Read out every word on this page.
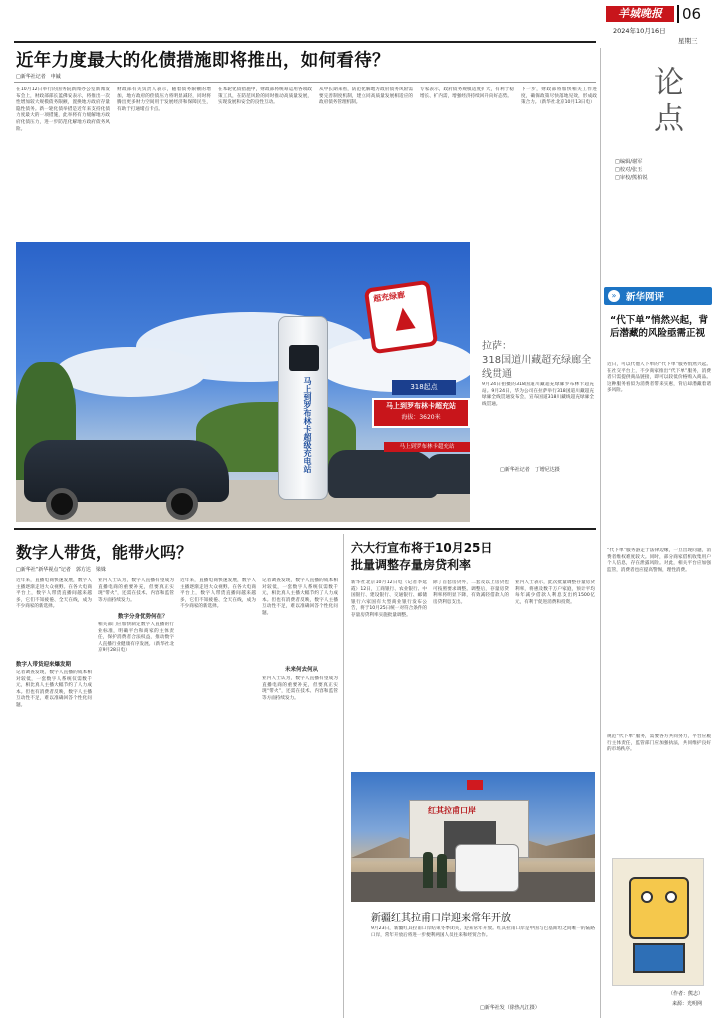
羊城晚报	06
2024年10月16日
星期三
论点
□编辑/谢军
□校对/张玉
□审校/熊柏锐
近年力度最大的化债措施即将推出，如何看待？
□新华社记者　申铖
在10月12日举行的国务院新闻办公室新闻发布会上，财政部部长蓝佛安表示，将推出一次性增加较大规模债务限额，置换地方政府存量隐性债务。新一轮化债举措是近年来支持化债力度最大的一项措施，此举将有力缓解地方政府化债压力，进一步防范化解地方政府债务风险。
财政部有关负责人表示，随着债务限额的增加，地方政府的偿债压力将明显减轻，同时将腾出更多财力空间用于发展经济和保障民生，有助于打通堵点卡点。
在本轮化债措施中，财政部将统筹运用各项政策工具，在防范风险的同时推动高质量发展，实现发展和安全的良性互动。
从中长期来看，防范化解地方政府债务风险需要完善制度机制，建立同高质量发展相适应的政府债务管理机制。
专家表示，政府债务规模适度扩大，有利于稳增长、扩内需，增强经济持续回升向好态势。
下一步，财政部将加快相关工作进度，确保政策尽快落地见效，形成政策合力。（新华社北京10月13日电）
马上到罗布林卡超级充电站
超充绿廊
318起点
马上到罗布林卡超充站
海拔：3620米
马上到罗布林卡超充站
拉萨：
318国道川藏超充绿廊全线贯通
9月24日拍摄的318国道川藏超充绿廊罗布林卡超充站。9月24日，华为公司在拉萨举行318国道川藏超充绿廊全线贯通发布会，宣布国道318川藏线超充绿廊全线贯通。
□新华社记者　丁增尼达摄
»	新华网评
“代下单”悄然兴起，背后潜藏的风险亟需正视
近日，可以代他人下单的“代下单”服务悄然兴起。在社交平台上，不少商家推出“代下单”服务，消费者只需提供商品链接，即可以较低价格购入商品。这种服务看似为消费者带来实惠，背后却潜藏着诸多风险。
“代下单”服务游走于法律边缘，一旦出现问题，消费者维权难度较大。同时，部分商家借机收集用户个人信息，存在泄露风险。对此，相关平台应加强监管，消费者也应提高警惕，理性消费。
规范“代下单”服务，需要各方共同努力，平台应履行主体责任，监管部门应加强执法，共同维护良好的市场秩序。
（作者：熊志）
来源：光明网
数字人带货，能带火吗？
□新华社“新华视点”记者　郭方达　梁姝
近年来，直播电商快速发展，数字人主播逐渐走进大众视野。在各大电商平台上，数字人带货直播间越来越多，它们不知疲倦、全天在线，成为不少商家的新选择。
数字人带货迎来爆发期
记者调查发现，数字人直播的成本相对较低，一套数字人系统仅需数千元，相比真人主播大幅节约了人力成本。但也有消费者反映，数字人主播互动性不足，难以准确回答个性化问题。
业内人士认为，数字人直播有望成为直播电商的重要补充，但要真正实现“带火”，还需在技术、内容和监管等方面持续发力。
数字分身优势何在？
相关部门应加快制定数字人直播的行业标准，明确平台和商家的主体责任，保护消费者合法权益，推动数字人直播行业健康有序发展。（新华社北京9月28日电）
近年来，直播电商快速发展，数字人主播逐渐走进大众视野。在各大电商平台上，数字人带货直播间越来越多，它们不知疲倦、全天在线，成为不少商家的新选择。
未来何去何从
记者调查发现，数字人直播的成本相对较低，一套数字人系统仅需数千元，相比真人主播大幅节约了人力成本。但也有消费者反映，数字人主播互动性不足，难以准确回答个性化问题。
业内人士认为，数字人直播有望成为直播电商的重要补充，但要真正实现“带火”，还需在技术、内容和监管等方面持续发力。
六大行宣布将于10月25日
批量调整存量房贷利率
新华社北京10月12日电（记者李延霞）12日，工商银行、农业银行、中国银行、建设银行、交通银行、邮储银行六家国有大型商业银行发布公告，将于10月25日统一对符合条件的存量房贷利率实施批量调整。
除了首套房贷外，二套及以上房贷也可按照要求调整。调整后，存量房贷利率将明显下降，有效减轻借款人的房贷利息支出。
业内人士表示，此次批量调整存量房贷利率，将惠及数千万户家庭，预计平均每年减少借款人利息支出约1500亿元，有利于促进消费和投资。
红其拉甫口岸
新疆红其拉甫口岸迎来常年开放
9月23日，新疆红其拉甫口岸结束冬季闭关，迎来常年开放。红其拉甫口岸是中国与巴基斯坦之间唯一的陆路口岸，常年开放后将进一步便利两国人员往来和经贸合作。
□新华社发（徐热凡江摄）
